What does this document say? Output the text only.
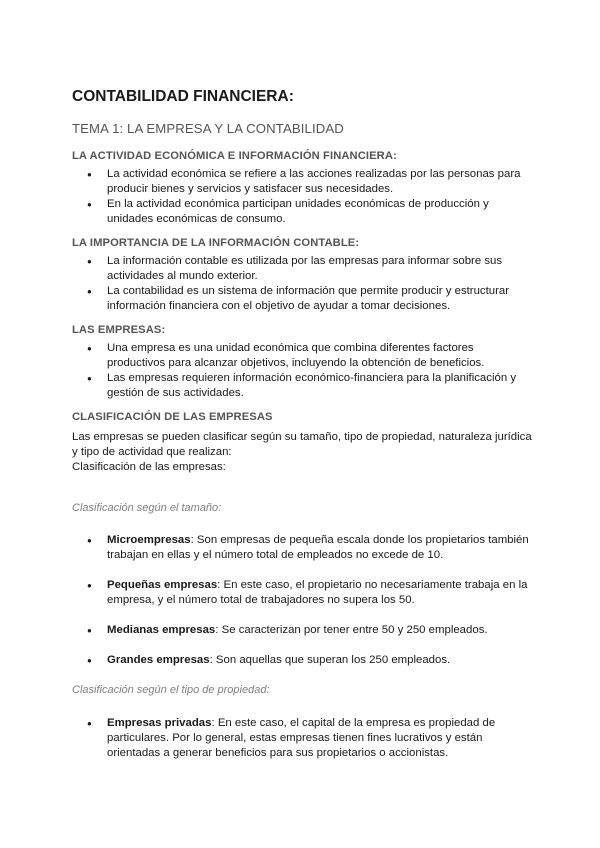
CONTABILIDAD FINANCIERA:
TEMA 1: LA EMPRESA Y LA CONTABILIDAD
LA ACTIVIDAD ECONÓMICA E INFORMACIÓN FINANCIERA:
● La actividad económica se refiere a las acciones realizadas por las personas para producir bienes y servicios y satisfacer sus necesidades.
● En la actividad económica participan unidades económicas de producción y unidades económicas de consumo.
LA IMPORTANCIA DE LA INFORMACIÓN CONTABLE:
● La información contable es utilizada por las empresas para informar sobre sus actividades al mundo exterior.
● La contabilidad es un sistema de información que permite producir y estructurar información financiera con el objetivo de ayudar a tomar decisiones.
LAS EMPRESAS:
● Una empresa es una unidad económica que combina diferentes factores productivos para alcanzar objetivos, incluyendo la obtención de beneficios.
● Las empresas requieren información económico-financiera para la planificación y gestión de sus actividades.
CLASIFICACIÓN DE LAS EMPRESAS

Las empresas se pueden clasificar según su tamaño, tipo de propiedad, naturaleza jurídica y tipo de actividad que realizan:

Clasificación de las empresas:

Clasificación según el tamaño:

● Microempresas: Son empresas de pequeña escala donde los propietarios también trabajan en ellas y el número total de empleados no excede de 10.
● Pequeñas empresas: En este caso, el propietario no necesariamente trabaja en la empresa, y el número total de trabajadores no supera los 50.
● Medianas empresas: Se caracterizan por tener entre 50 y 250 empleados.
● Grandes empresas: Son aquellas que superan los 250 empleados.

Clasificación según el tipo de propiedad:

● Empresas privadas: En este caso, el capital de la empresa es propiedad de particulares. Por lo general, estas empresas tienen fines lucrativos y están orientadas a generar beneficios para sus propietarios o accionistas.
